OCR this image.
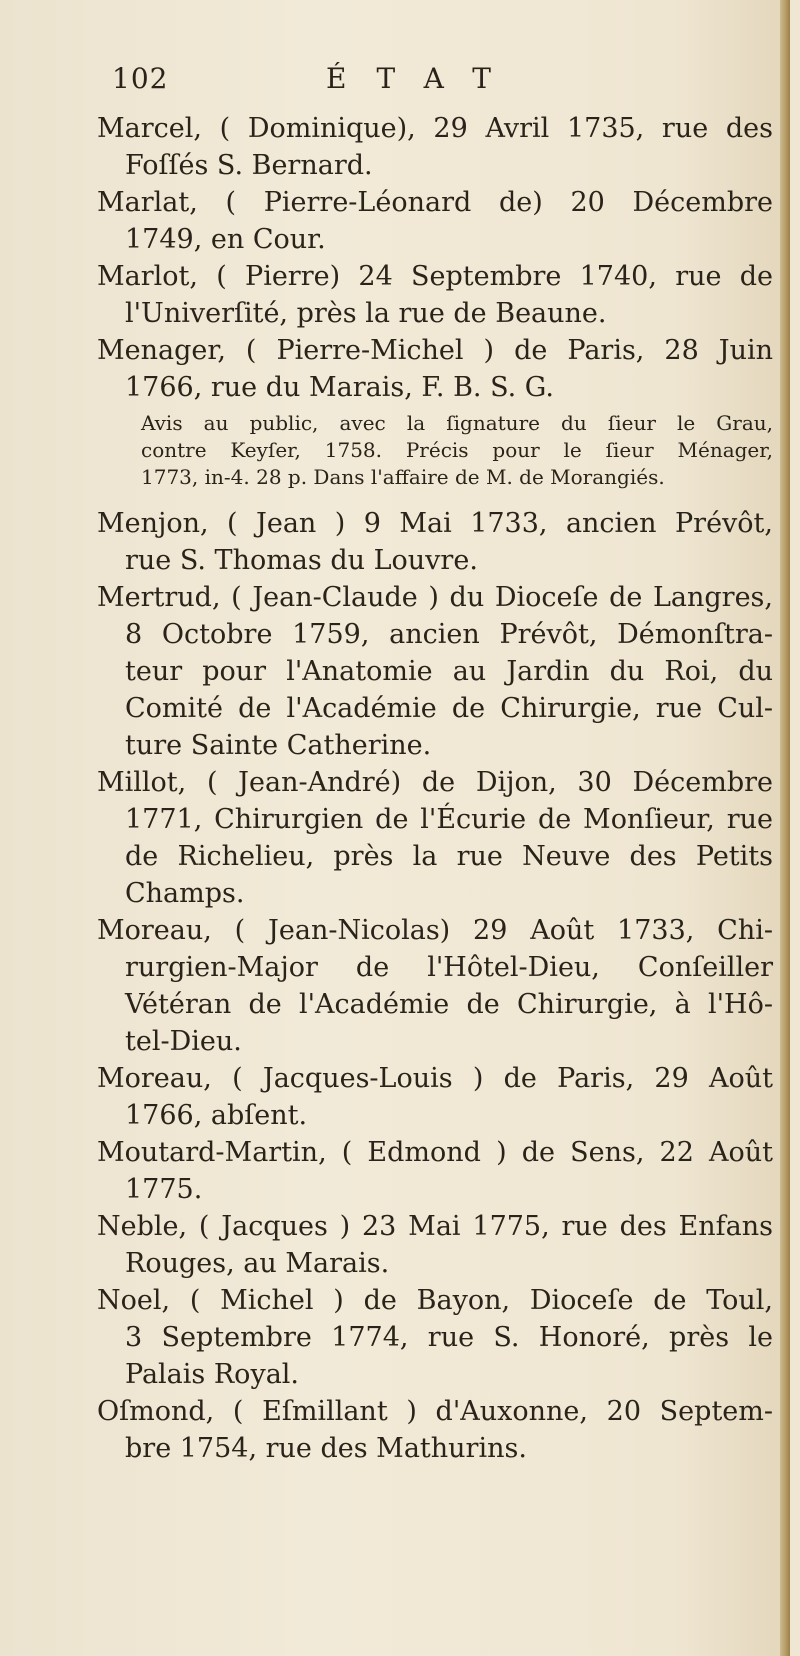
102	ÉTAT

Marcel, ( Dominique), 29 Avril 1735, rue des
Foſſés S. Bernard.

Marlat, ( Pierre-Léonard de) 20 Décembre
1749, en Cour.

Marlot, ( Pierre) 24 Septembre 1740, rue de
l'Univerſité, près la rue de Beaune.

Menager, ( Pierre-Michel ) de Paris, 28 Juin
1766, rue du Marais, F. B. S. G.

Avis au public, avec la ſignature du ſieur le Grau,
contre Keyſer, 1758. Précis pour le ſieur Ménager,
1773, in-4. 28 p. Dans l'affaire de M. de Morangiés.

Menjon, ( Jean ) 9 Mai 1733, ancien Prévôt,
rue S. Thomas du Louvre.

Mertrud, ( Jean-Claude ) du Dioceſe de Langres,
8 Octobre 1759, ancien Prévôt, Démonſtra-
teur pour l'Anatomie au Jardin du Roi, du
Comité de l'Académie de Chirurgie, rue Cul-
ture Sainte Catherine.

Millot, ( Jean-André) de Dijon, 30 Décembre
1771, Chirurgien de l'Écurie de Monſieur, rue
de Richelieu, près la rue Neuve des Petits
Champs.

Moreau, ( Jean-Nicolas) 29 Août 1733, Chi-
rurgien-Major de l'Hôtel-Dieu, Conſeiller
Vétéran de l'Académie de Chirurgie, à l'Hô-
tel-Dieu.

Moreau, ( Jacques-Louis ) de Paris, 29 Août
1766, abſent.

Moutard-Martin, ( Edmond ) de Sens, 22 Août
1775.

Neble, ( Jacques ) 23 Mai 1775, rue des Enfans
Rouges, au Marais.

Noel, ( Michel ) de Bayon, Dioceſe de Toul,
3 Septembre 1774, rue S. Honoré, près le
Palais Royal.

Oſmond, ( Eſmillant ) d'Auxonne, 20 Septem-
bre 1754, rue des Mathurins.
